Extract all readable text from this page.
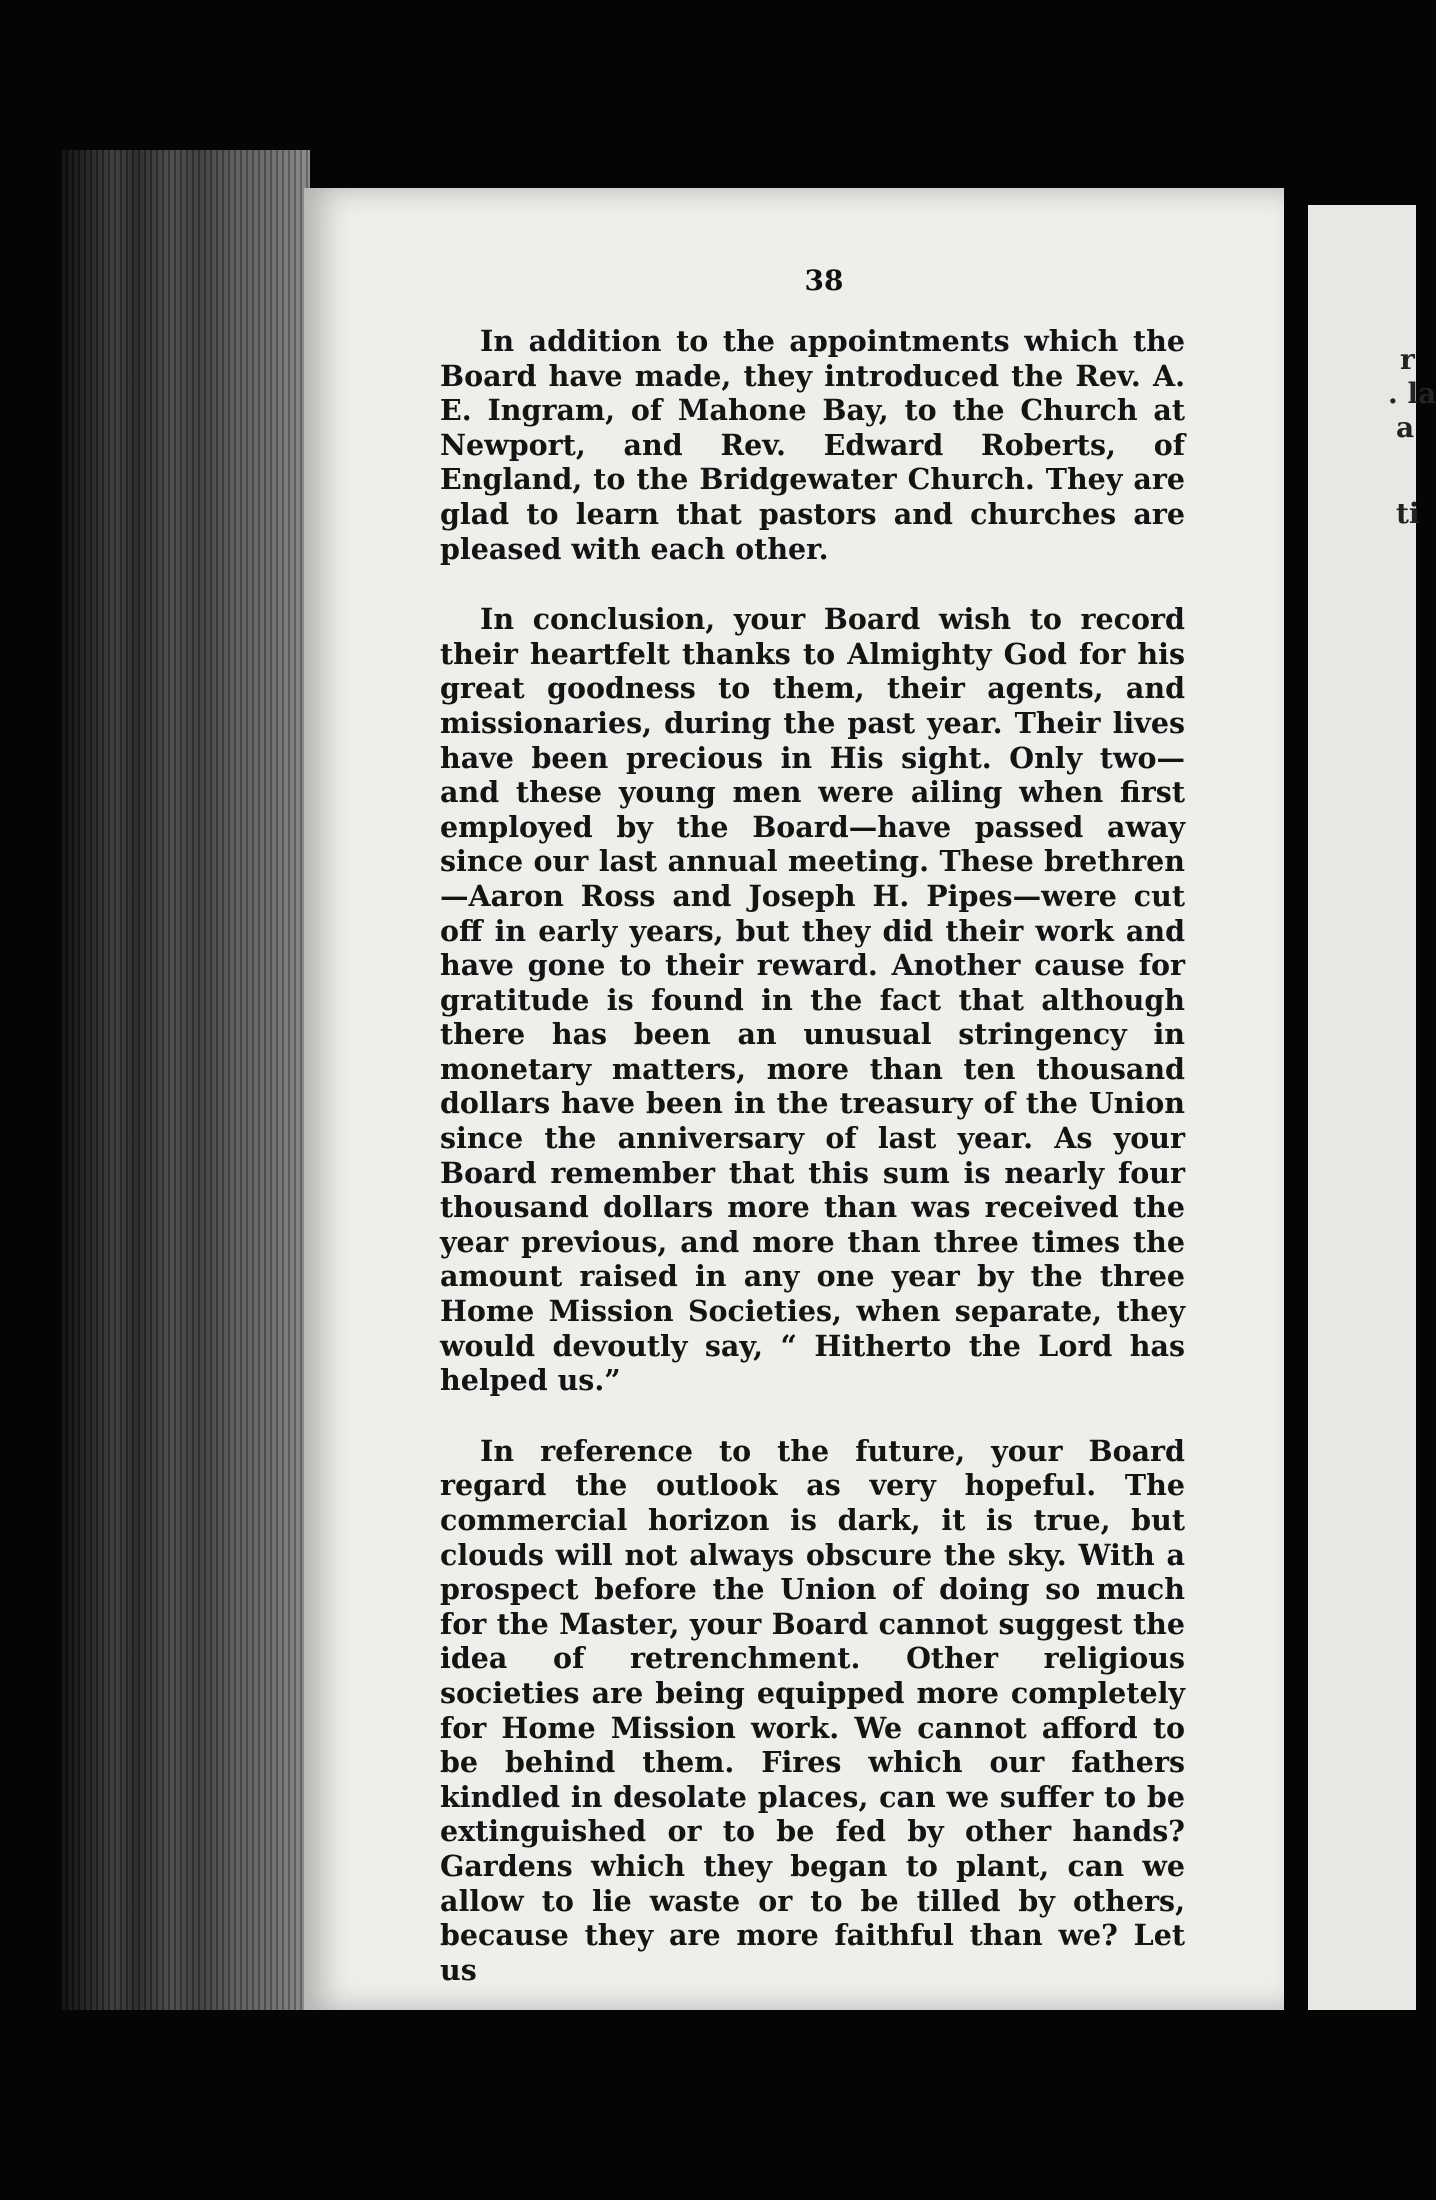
38

In addition to the appointments which the Board have made, they introduced the Rev. A. E. Ingram, of Mahone Bay, to the Church at Newport, and Rev. Edward Roberts, of England, to the Bridgewater Church. They are glad to learn that pastors and churches are pleased with each other.

In conclusion, your Board wish to record their heartfelt thanks to Almighty God for his great goodness to them, their agents, and missionaries, during the past year. Their lives have been precious in His sight. Only two—and these young men were ailing when first employed by the Board—have passed away since our last annual meeting. These brethren—Aaron Ross and Joseph H. Pipes—were cut off in early years, but they did their work and have gone to their reward. Another cause for gratitude is found in the fact that although there has been an unusual stringency in monetary matters, more than ten thousand dollars have been in the treasury of the Union since the anniversary of last year. As your Board remember that this sum is nearly four thousand dollars more than was received the year previous, and more than three times the amount raised in any one year by the three Home Mission Societies, when separate, they would devoutly say, “ Hitherto the Lord has helped us.”

In reference to the future, your Board regard the outlook as very hopeful. The commercial horizon is dark, it is true, but clouds will not always obscure the sky. With a prospect before the Union of doing so much for the Master, your Board cannot suggest the idea of retrenchment. Other religious societies are being equipped more completely for Home Mission work. We cannot afford to be behind them. Fires which our fathers kindled in desolate places, can we suffer to be extinguished or to be fed by other hands? Gardens which they began to plant, can we allow to lie waste or to be tilled by others, because they are more faithful than we? Let us

r
. la
a
ti
